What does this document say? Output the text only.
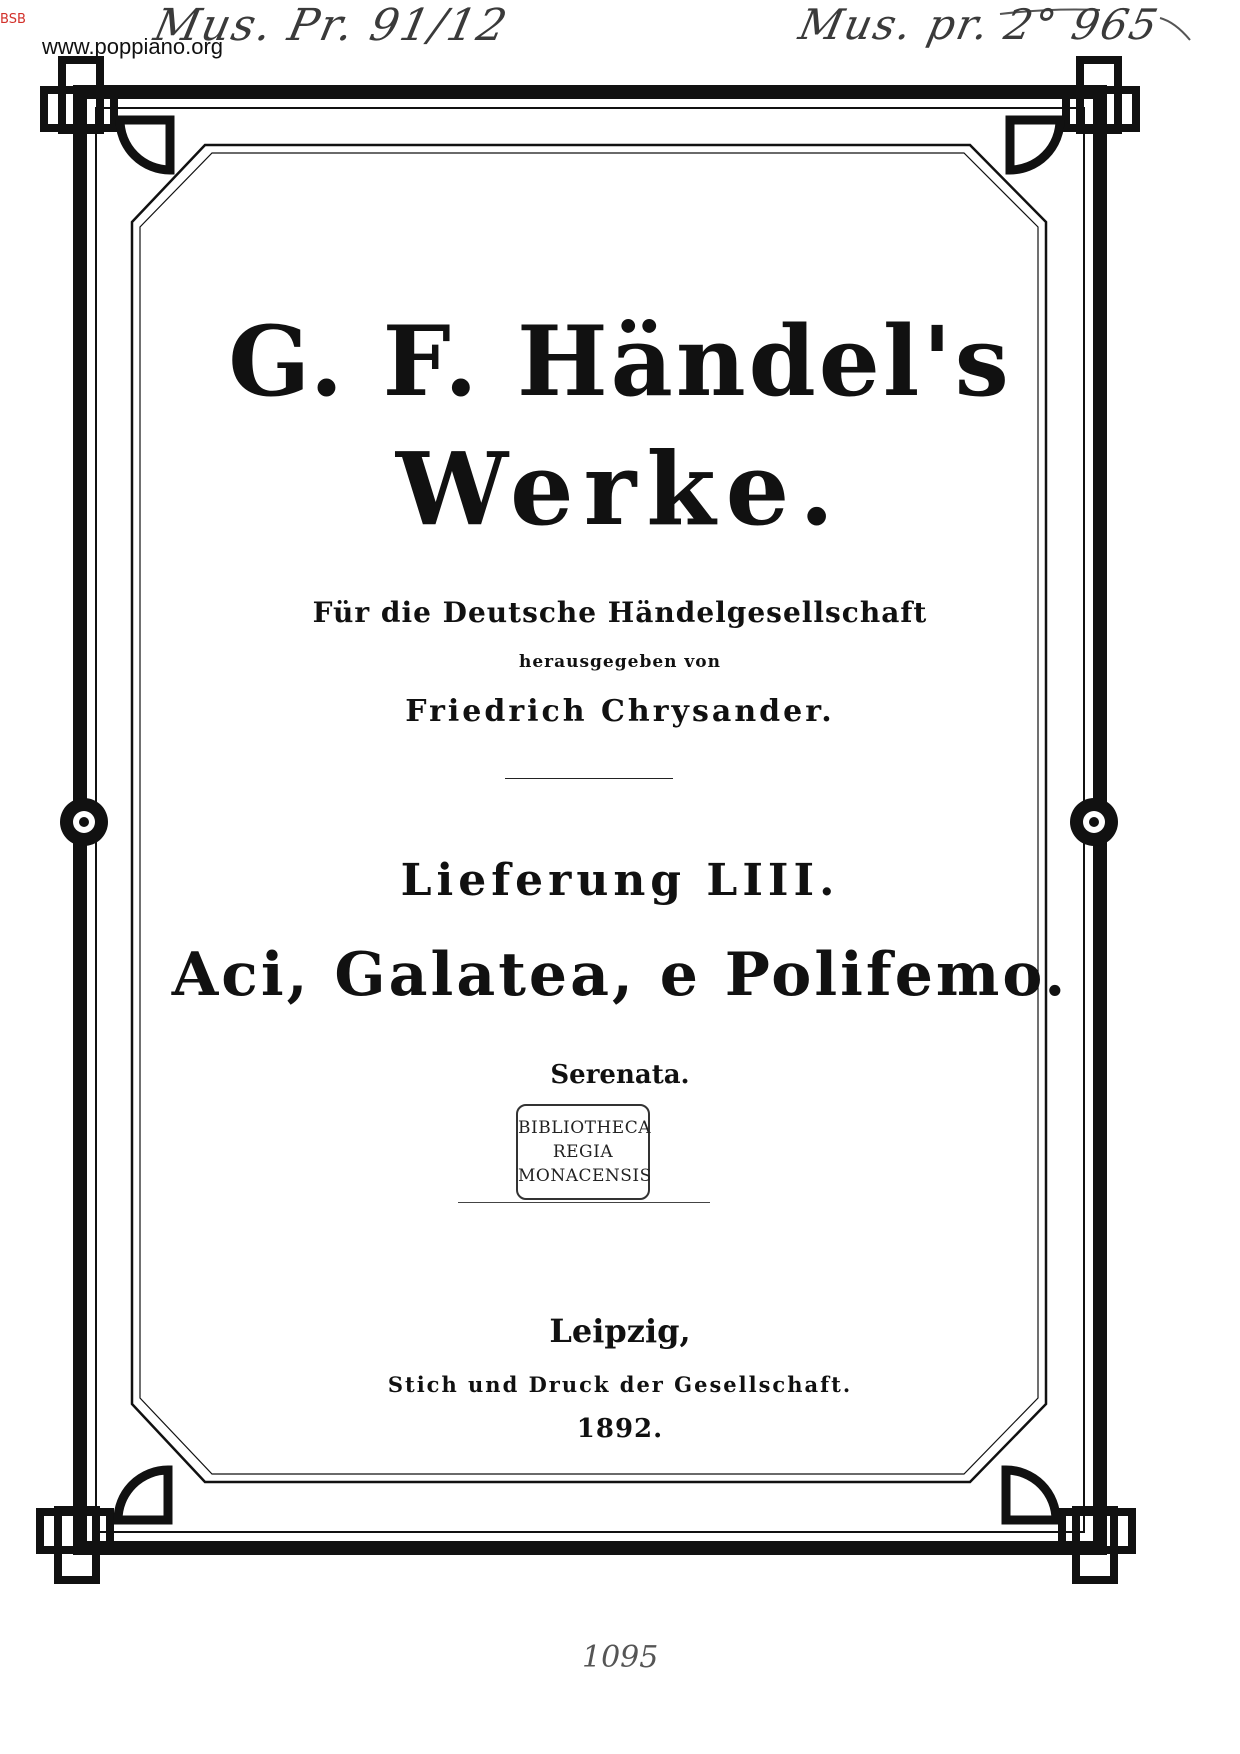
BSB
www.poppiano.org
Mus. Pr. 91/12	Mus. pr. 2° 965
G. F. Händel's
Werke.
Für die Deutsche Händelgesellschaft
herausgegeben von
Friedrich Chrysander.
Lieferung LIII.
Aci, Galatea, e Polifemo.
Serenata.
BIBLIOTHECA
REGIA
MONACENSIS
Leipzig,
Stich und Druck der Gesellschaft.
1892.
1095
